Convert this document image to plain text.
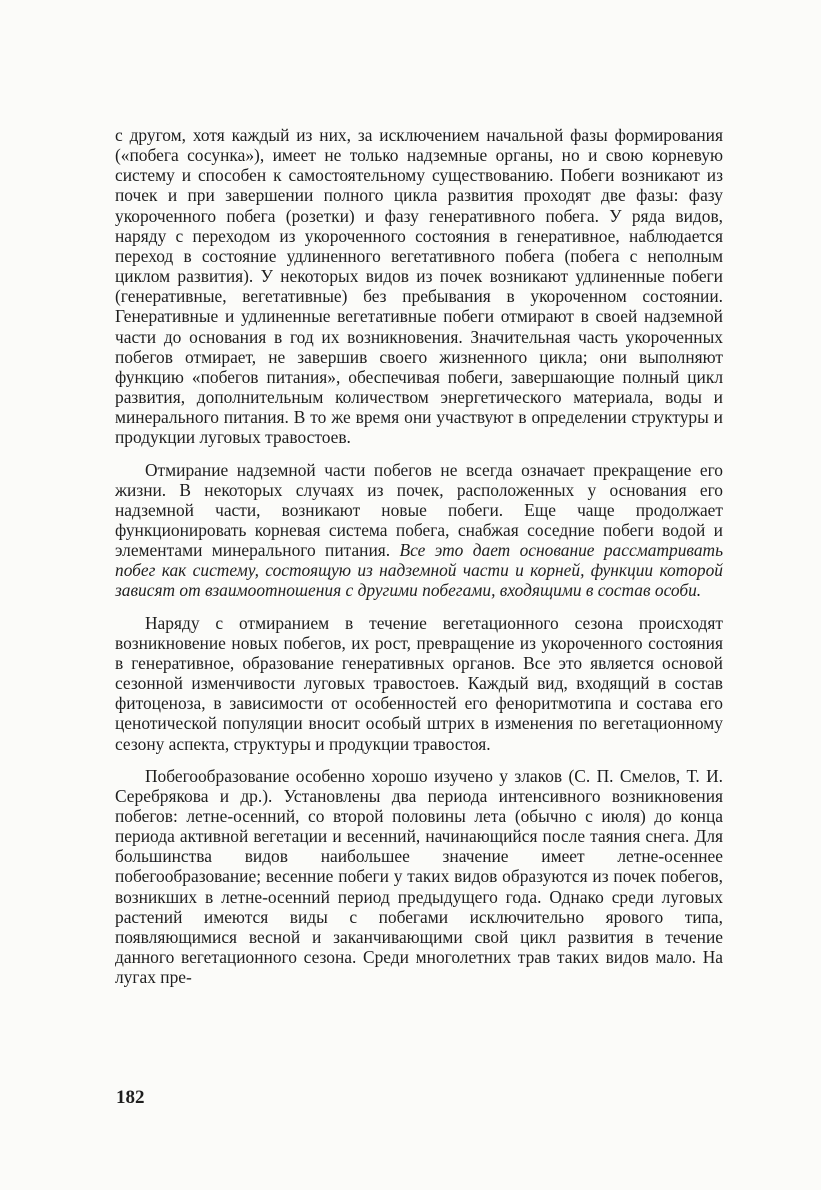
с другом, хотя каждый из них, за исключением начальной фазы формирования («побега сосунка»), имеет не только надземные органы, но и свою корневую систему и способен к самостоятельному существованию. Побеги возникают из почек и при завершении полного цикла развития проходят две фазы: фазу укороченного побега (розетки) и фазу генеративного побега. У ряда видов, наряду с переходом из укороченного состояния в генеративное, наблюдается переход в состояние удлиненного вегетативного побега (побега с неполным циклом развития). У некоторых видов из почек возникают удлиненные побеги (генеративные, вегетативные) без пребывания в укороченном состоянии. Генеративные и удлиненные вегетативные побеги отмирают в своей надземной части до основания в год их возникновения. Значительная часть укороченных побегов отмирает, не завершив своего жизненного цикла; они выполняют функцию «побегов питания», обеспечивая побеги, завершающие полный цикл развития, дополнительным количеством энергетического материала, воды и минерального питания. В то же время они участвуют в определении структуры и продукции луговых травостоев.

Отмирание надземной части побегов не всегда означает прекращение его жизни. В некоторых случаях из почек, расположенных у основания его надземной части, возникают новые побеги. Еще чаще продолжает функционировать корневая система побега, снабжая соседние побеги водой и элементами минерального питания. Все это дает основание рассматривать побег как систему, состоящую из надземной части и корней, функции которой зависят от взаимоотношения с другими побегами, входящими в состав особи.

Наряду с отмиранием в течение вегетационного сезона происходят возникновение новых побегов, их рост, превращение из укороченного состояния в генеративное, образование генеративных органов. Все это является основой сезонной изменчивости луговых травостоев. Каждый вид, входящий в состав фитоценоза, в зависимости от особенностей его феноритмотипа и состава его ценотической популяции вносит особый штрих в изменения по вегетационному сезону аспекта, структуры и продукции травостоя.

Побегообразование особенно хорошо изучено у злаков (С. П. Смелов, Т. И. Серебрякова и др.). Установлены два периода интенсивного возникновения побегов: летне-осенний, со второй половины лета (обычно с июля) до конца периода активной вегетации и весенний, начинающийся после таяния снега. Для большинства видов наибольшее значение имеет летне-осеннее побегообразование; весенние побеги у таких видов образуются из почек побегов, возникших в летне-осенний период предыдущего года. Однако среди луговых растений имеются виды с побегами исключительно ярового типа, появляющимися весной и заканчивающими свой цикл развития в течение данного вегетационного сезона. Среди многолетних трав таких видов мало. На лугах пре-

182
